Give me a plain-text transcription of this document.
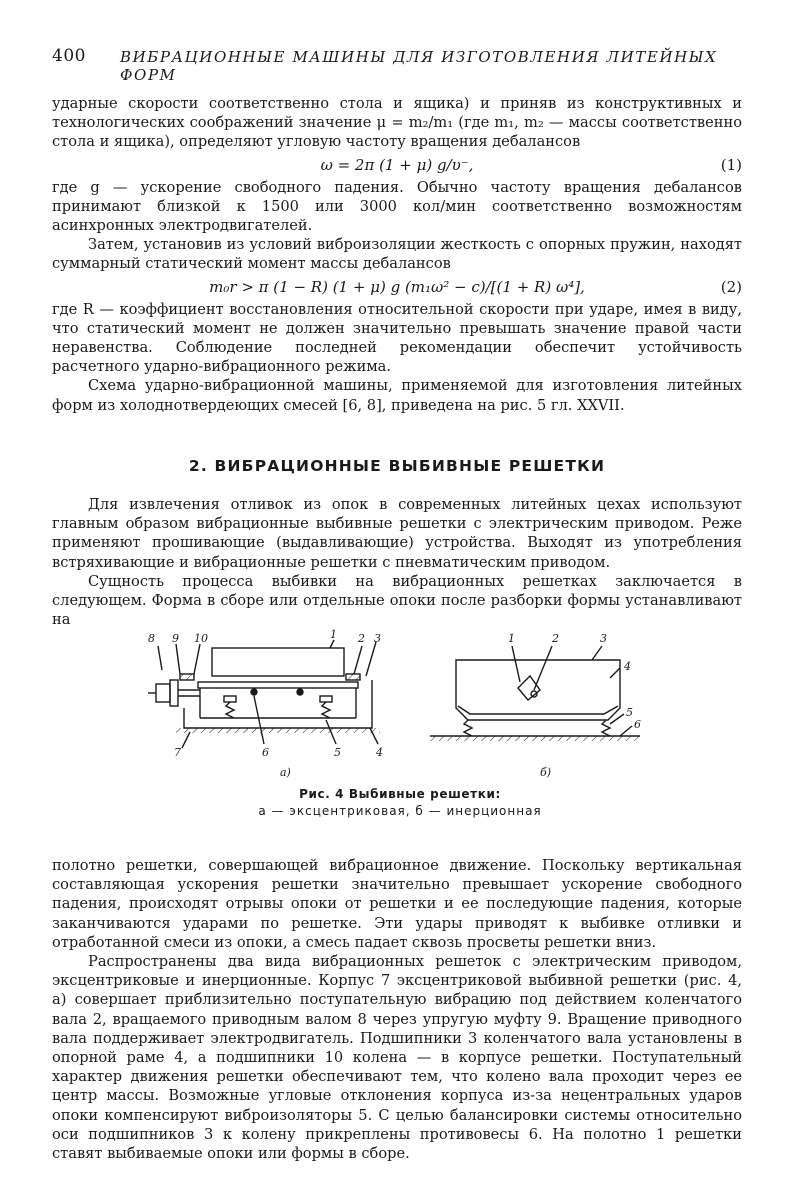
400 ВИБРАЦИОННЫЕ МАШИНЫ ДЛЯ ИЗГОТОВЛЕНИЯ ЛИТЕЙНЫХ ФОРМ

ударные скорости соответственно стола и ящика) и приняв из конструктивных и технологических соображений значение μ = m₂/m₁ (где m₁, m₂ — массы соответственно стола и ящика), определяют угловую частоту вращения дебалансов

ω = 2π (1 + μ) g/υ⁻,	(1)

где g — ускорение свободного падения. Обычно частоту вращения дебалансов принимают близкой к 1500 или 3000 кол/мин соответственно возможностям асинхронных электродвигателей.

Затем, установив из условий виброизоляции жесткость c опорных пружин, находят суммарный статический момент массы дебалансов

m₀r > π (1 − R) (1 + μ) g (m₁ω² − c)/[(1 + R) ω⁴],	(2)

где R — коэффициент восстановления относительной скорости при ударе, имея в виду, что статический момент не должен значительно превышать значение правой части неравенства. Соблюдение последней рекомендации обеспечит устойчивость расчетного ударно-вибрационного режима.

Схема ударно-вибрационной машины, применяемой для изготовления литейных форм из холоднотвердеющих смесей [6, 8], приведена на рис. 5 гл. XXVII.

2. ВИБРАЦИОННЫЕ ВЫБИВНЫЕ РЕШЕТКИ

Для извлечения отливок из опок в современных литейных цехах используют главным образом вибрационные выбивные решетки с электрическим приводом. Реже применяют прошивающие (выдавливающие) устройства. Выходят из употребления встряхивающие и вибрационные решетки с пневматическим приводом.

Сущность процесса выбивки на вибрационных решетках заключается в следующем. Форма в сборе или отдельные опоки после разборки формы устанавливают на

8 9 10	1 2 3
7	6	5	4
а)
1	2	3
4
5
6
б)
Рис. 4 Выбивные решетки:
а — эксцентриковая, б — инерционная

полотно решетки, совершающей вибрационное движение. Поскольку вертикальная составляющая ускорения решетки значительно превышает ускорение свободного падения, происходят отрывы опоки от решетки и ее последующие падения, которые заканчиваются ударами по решетке. Эти удары приводят к выбивке отливки и отработанной смеси из опоки, а смесь падает сквозь просветы решетки вниз.

Распространены два вида вибрационных решеток с электрическим приводом, эксцентриковые и инерционные. Корпус 7 эксцентриковой выбивной решетки (рис. 4, а) совершает приблизительно поступательную вибрацию под действием коленчатого вала 2, вращаемого приводным валом 8 через упругую муфту 9. Вращение приводного вала поддерживает электродвигатель. Подшипники 3 коленчатого вала установлены в опорной раме 4, а подшипники 10 колена — в корпусе решетки. Поступательный характер движения решетки обеспечивают тем, что колено вала проходит через ее центр массы. Возможные угловые отклонения корпуса из-за нецентральных ударов опоки компенсируют виброизоляторы 5. С целью балансировки системы относительно оси подшипников 3 к колену прикреплены противовесы 6. На полотно 1 решетки ставят выбиваемые опоки или формы в сборе.
